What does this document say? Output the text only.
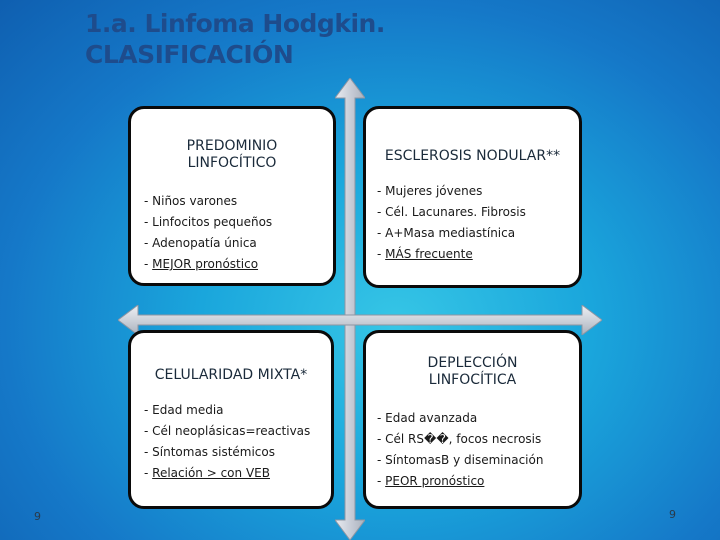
1.a. Linfoma Hodgkin.
CLASIFICACIÓN
PREDOMINIO
LINFOCÍTICO
- Niños varones
- Linfocitos pequeños
- Adenopatía única
- MEJOR pronóstico
ESCLEROSIS NODULAR**
- Mujeres jóvenes
- Cél. Lacunares. Fibrosis
- A+Masa mediastínica
- MÁS frecuente
CELULARIDAD MIXTA*
- Edad media
- Cél neoplásicas=reactivas
- Síntomas sistémicos
- Relación > con VEB
DEPLECCIÓN
LINFOCÍTICA
- Edad avanzada
- Cél RS��, focos necrosis
- SíntomasB y diseminación
- PEOR pronóstico
9	9
